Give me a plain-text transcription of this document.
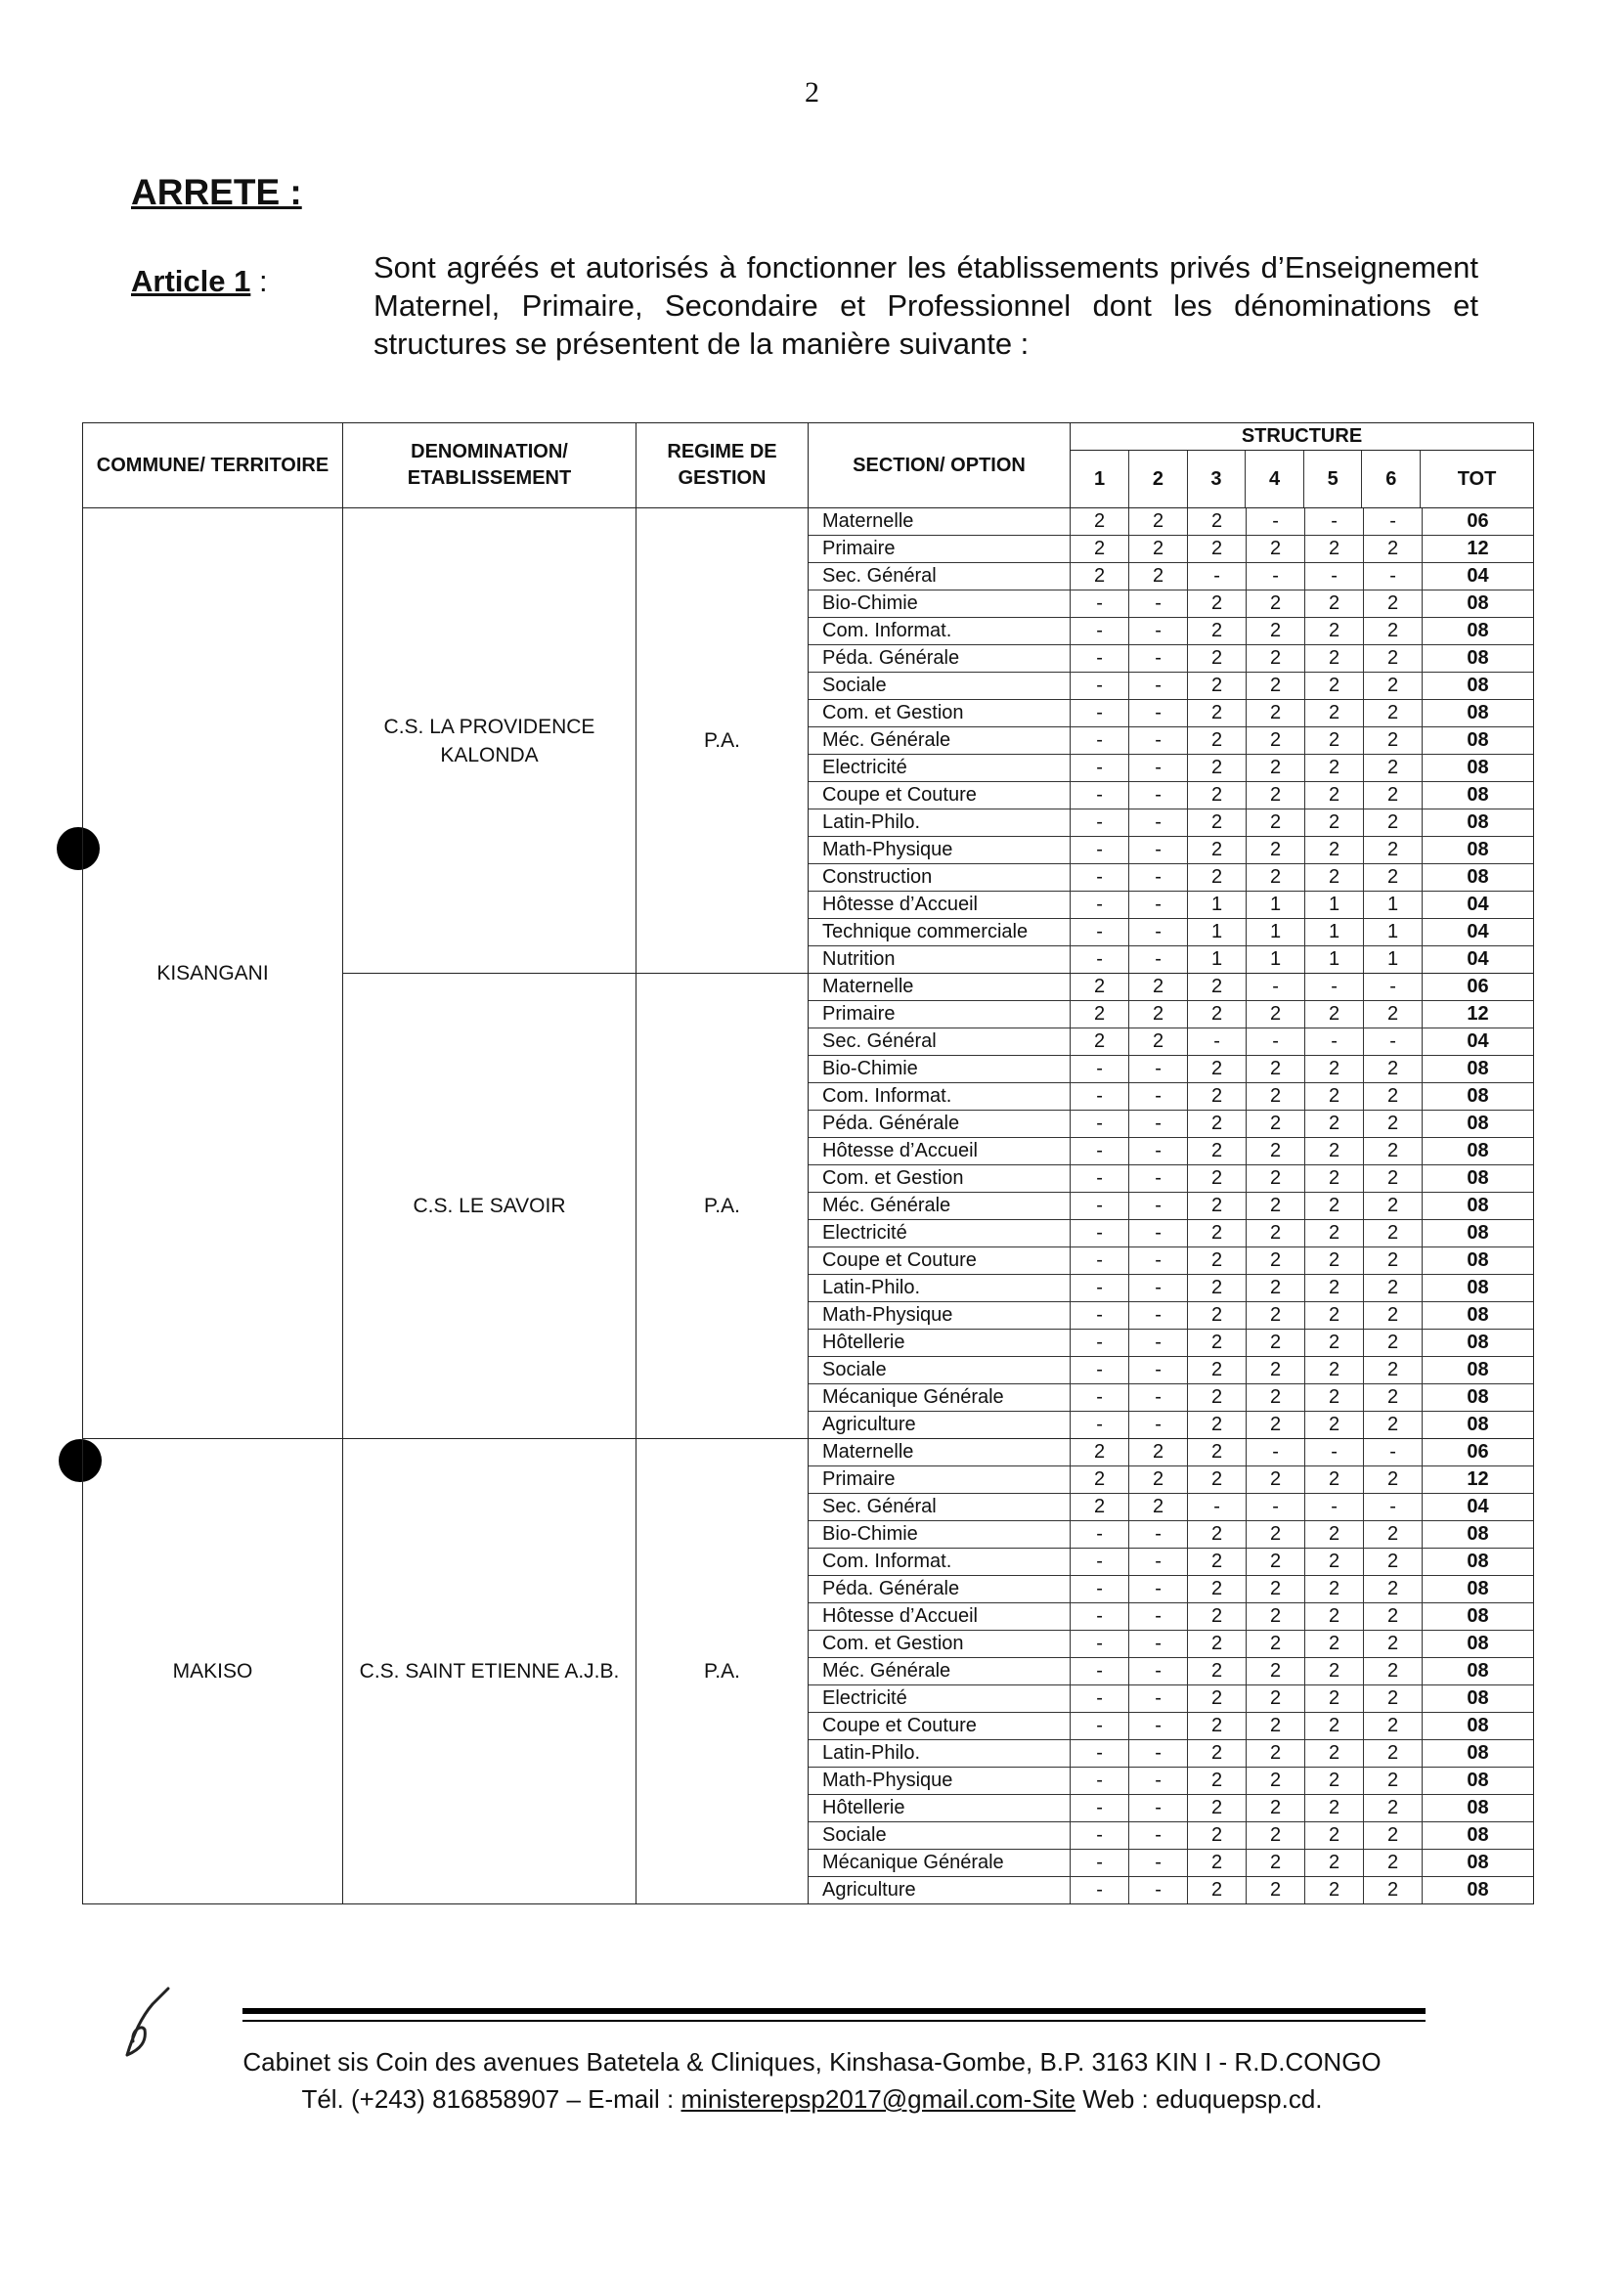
2
ARRETE :
Article 1 :	Sont agréés et autorisés à fonctionner les établissements privés d’Enseignement Maternel, Primaire, Secondaire et Professionnel dont les dénominations et structures se présentent de la manière suivante :
COMMUNE/ TERRITOIRE	DENOMINATION/ ETABLISSEMENT	REGIME DE GESTION	SECTION/ OPTION	STRUCTURE

1	2	3	4	5	6	TOT

KISANGANI	C.S. LA PROVIDENCE KALONDA	P.A.	
Maternelle	2	2	2	-	-	-	06
Primaire	2	2	2	2	2	2	12
Sec. Général	2	2	-	-	-	-	04
Bio-Chimie	-	-	2	2	2	2	08
Com. Informat.	-	-	2	2	2	2	08
Péda. Générale	-	-	2	2	2	2	08
Sociale	-	-	2	2	2	2	08
Com. et Gestion	-	-	2	2	2	2	08
Méc. Générale	-	-	2	2	2	2	08
Electricité	-	-	2	2	2	2	08
Coupe et Couture	-	-	2	2	2	2	08
Latin-Philo.	-	-	2	2	2	2	08
Math-Physique	-	-	2	2	2	2	08
Construction	-	-	2	2	2	2	08
Hôtesse d’Accueil	-	-	1	1	1	1	04
Technique commerciale	-	-	1	1	1	1	04
Nutrition	-	-	1	1	1	1	04

C.S. LE SAVOIR	P.A.	
Maternelle	2	2	2	-	-	-	06
Primaire	2	2	2	2	2	2	12
Sec. Général	2	2	-	-	-	-	04
Bio-Chimie	-	-	2	2	2	2	08
Com. Informat.	-	-	2	2	2	2	08
Péda. Générale	-	-	2	2	2	2	08
Hôtesse d’Accueil	-	-	2	2	2	2	08
Com. et Gestion	-	-	2	2	2	2	08
Méc. Générale	-	-	2	2	2	2	08
Electricité	-	-	2	2	2	2	08
Coupe et Couture	-	-	2	2	2	2	08
Latin-Philo.	-	-	2	2	2	2	08
Math-Physique	-	-	2	2	2	2	08
Hôtellerie	-	-	2	2	2	2	08
Sociale	-	-	2	2	2	2	08
Mécanique Générale	-	-	2	2	2	2	08
Agriculture	-	-	2	2	2	2	08

MAKISO	C.S. SAINT ETIENNE A.J.B.	P.A.	
Maternelle	2	2	2	-	-	-	06
Primaire	2	2	2	2	2	2	12
Sec. Général	2	2	-	-	-	-	04
Bio-Chimie	-	-	2	2	2	2	08
Com. Informat.	-	-	2	2	2	2	08
Péda. Générale	-	-	2	2	2	2	08
Hôtesse d’Accueil	-	-	2	2	2	2	08
Com. et Gestion	-	-	2	2	2	2	08
Méc. Générale	-	-	2	2	2	2	08
Electricité	-	-	2	2	2	2	08
Coupe et Couture	-	-	2	2	2	2	08
Latin-Philo.	-	-	2	2	2	2	08
Math-Physique	-	-	2	2	2	2	08
Hôtellerie	-	-	2	2	2	2	08
Sociale	-	-	2	2	2	2	08
Mécanique Générale	-	-	2	2	2	2	08
Agriculture	-	-	2	2	2	2	08
Cabinet sis Coin des avenues Batetela & Cliniques, Kinshasa-Gombe, B.P. 3163 KIN I - R.D.CONGO
Tél. (+243) 816858907 – E-mail : ministerepsp2017@gmail.com-Site Web : eduquepsp.cd.
